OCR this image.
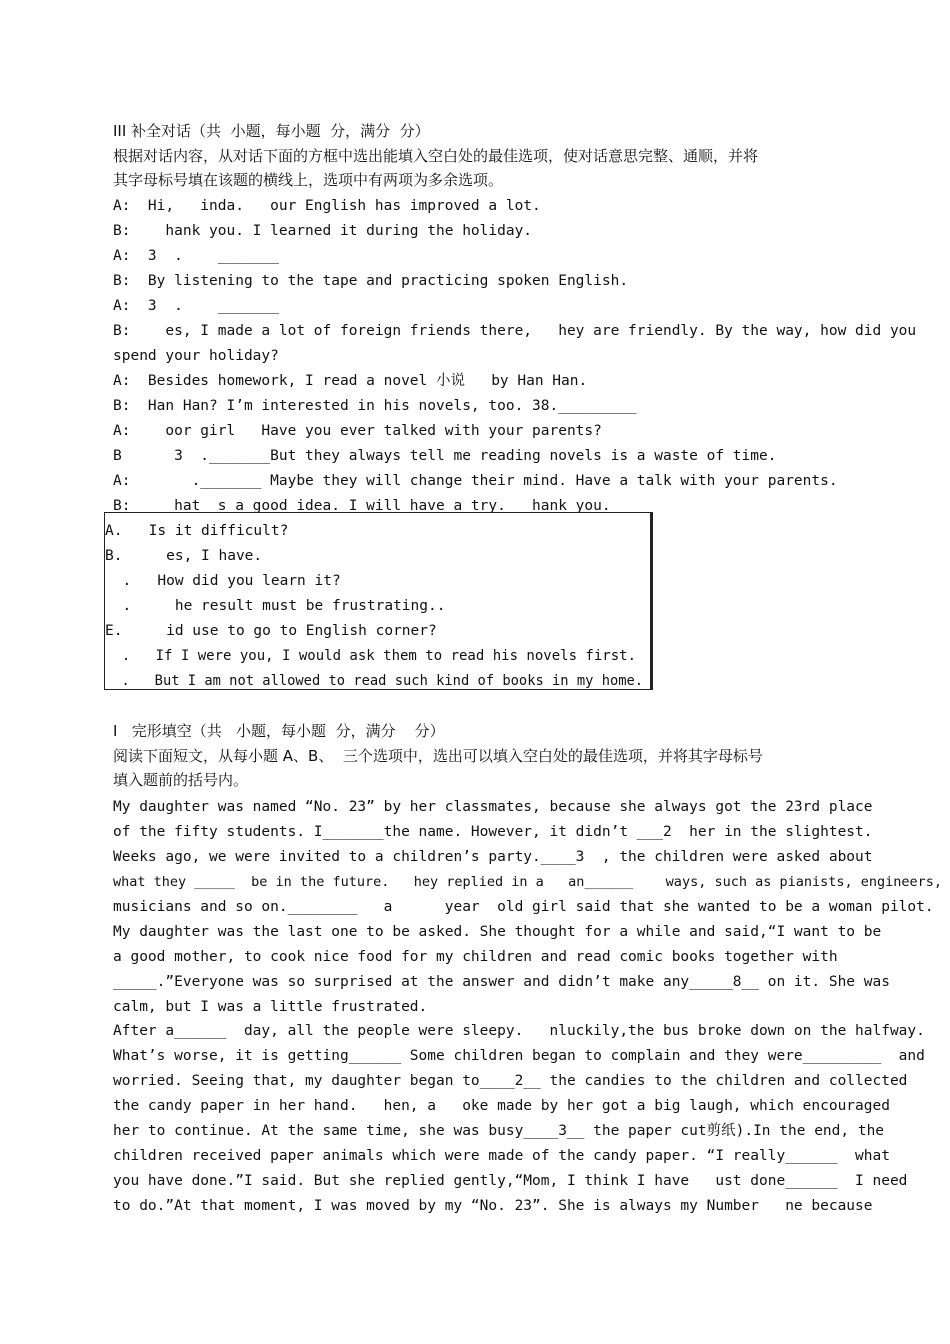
III 补全对话（共  小题，每小题  分，满分  分）
根据对话内容，从对话下面的方框中选出能填入空白处的最佳选项，使对话意思完整、通顺，并将
其字母标号填在该题的横线上，选项中有两项为多余选项。
A:  Hi,   inda.   our English has improved a lot.
B:    hank you. I learned it during the holiday.
A:  3  .    _______
B:  By listening to the tape and practicing spoken English.
A:  3  .    _______
B:    es, I made a lot of foreign friends there,   hey are friendly. By the way, how did you
spend your holiday?
A:  Besides homework, I read a novel 小说   by Han Han.
B:  Han Han? I’m interested in his novels, too. 38._________
A:    oor girl   Have you ever talked with your parents?
B      3  ._______But they always tell me reading novels is a waste of time.
A:       ._______ Maybe they will change their mind. Have a talk with your parents.
B:     hat  s a good idea. I will have a try.   hank you.
A.   Is it difficult?
B.     es, I have.
.   How did you learn it?
.     he result must be frustrating..
E.     id use to go to English corner?
.   If I were you, I would ask them to read his novels first.
.   But I am not allowed to read such kind of books in my home.
I   完形填空（共   小题，每小题  分，满分    分）
阅读下面短文，从每小题 A、B、  三个选项中，选出可以填入空白处的最佳选项，并将其字母标号
填入题前的括号内。
My daughter was named “No. 23” by her classmates, because she always got the 23rd place
of the fifty students. I_______the name. However, it didn’t ___2  her in the slightest.
Weeks ago, we were invited to a children’s party.____3  , the children were asked about
what they _____  be in the future.   hey replied in a   an______    ways, such as pianists, engineers,
musicians and so on.________   a      year  old girl said that she wanted to be a woman pilot.
My daughter was the last one to be asked. She thought for a while and said,“I want to be
a good mother, to cook nice food for my children and read comic books together with
_____.”Everyone was so surprised at the answer and didn’t make any_____8__ on it. She was
calm, but I was a little frustrated.
After a______  day, all the people were sleepy.   nluckily,the bus broke down on the halfway.
What’s worse, it is getting______ Some children began to complain and they were_________  and
worried. Seeing that, my daughter began to____2__ the candies to the children and collected
the candy paper in her hand.   hen, a   oke made by her got a big laugh, which encouraged
her to continue. At the same time, she was busy____3__ the paper cut剪纸).In the end, the
children received paper animals which were made of the candy paper. “I really______  what
you have done.”I said. But she replied gently,“Mom, I think I have   ust done______  I need
to do.”At that moment, I was moved by my “No. 23”. She is always my Number   ne because
